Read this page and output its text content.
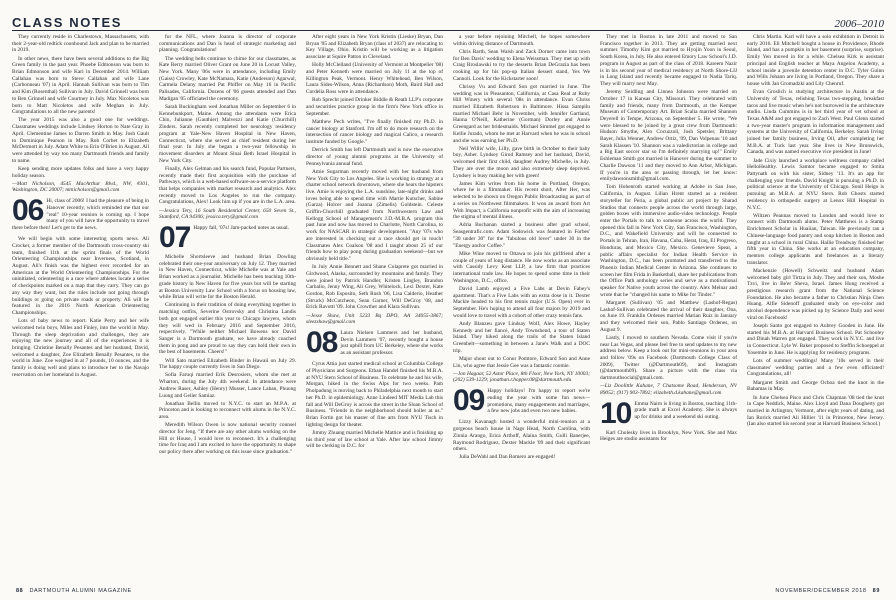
CLASS NOTES	2006–2010

They currently reside in Charlestown, Massachusetts, with their 2-year-old redtick coonhound Jack and plan to be married in 2019.

In other news, there have been several additions to the Big Green family in the past year. Phoebe Edmonson was born to Brian Edmonson and wife Kari in December 2014. William Callahan was born to Steve Callahan and wife Lane (Carbonneau '07) in April. Hannah Sullivan was born to Tim and Kim (Rosenthal) Sullivan in July. David Grinnell was born to Ben Grinnell and wife Courtney in July. Max Nicoletos was born to Matt Nicoletos and wife Meghan in July. Congratulations to all the new parents!

The year 2015 was also a good one for weddings. Classmates weddings include Lindsey Horton to Nate Gray in April. Clementine James to Darren Smith in May. Josh Gault to Dominique Pearson in May. Rob Corbet to Elizabeth McDermott in July. Adam White to Erin O'Brien in August. All were attended by way too many Dartmouth friends and family to name.

Keep sending more updates folks and have a very happy holiday season.

—Matt Nicholson, 4545 MacArthur Blvd., NW, #301, Washington, DC 20007; mtnicholson@gmail.com

06 Hi, class of 2006! I had the pleasure of being in Hanover recently, which reminded me that our "real" 10-year reunion is coming up. I hope many of you will have the opportunity to travel there before then! Let's get to the news.

We will begin with some interesting sports news. Ali Crocker, a former member of the Dartmouth cross-country ski team, finished 11th at the sprint finals of the World Orienteering Championships near Inverness, Scotland, in August. Ali's finish was the highest ever recorded for an American at the World Orienteering Championships. For the uninitiated, orienteering is a race where athletes locate a series of checkpoints marked on a map that they carry. They can go any way they want, but the rules include not going through buildings or going on private roads or property. Ali will be featured in the 2016 North American Orienteering Championships.

Lots of baby news to report. Katie Perry and her wife welcomed twin boys, Miles and Finley, into the world in May. Through the sleep deprivation and challenges, they are enjoying the new journey and all of the experiences it is bringing. Christine Benally Pesantes and her husband, David, welcomed a daughter, Zoe Elizabeth Benally Pesantes, to the world in June. Zoe weighed in at 7 pounds, 10 ounces, and the family is doing well and plans to introduce her to the Navajo reservation on her homeland in August.

for the NFL, where Joanna is director of corporate communications and Dan is head of strategic marketing and planning. Congratulations!

The wedding bells continue to chime for our classmates, as Kate Berry married Oliver Grant on June 20 in Locust Valley, New York. Many '06s were in attendance, including Emily (Gaiss) Crowley, Kate McNamara, Katie (Anderson) Agarwal, Carmela Delany married Pat Phiffer on May 16 in Pacific Palisades, California. Dozens of '06 guests attended and Dan Madigan '05 officiated the ceremony.

Sarah Buckingham wed Jonathan Miller on September 6 in Kennebunkport, Maine. Among the attendants were Erica Chin, Julianne (Gauthier) Malvezzi and Katie (Churchill) Zinders. Sarah recently completed her neurology residency program at Yale-New Haven Hospital in New Haven, Connecticut, where she served as chief resident during her final year. In July she began a two-year fellowship in movement disorders at Mount Sinai Beth Israel Hospital in New York City.

Finally, Alex Gelman and his search fund, Popular Partners, recently made their first acquisition with the purchase of Pathways, which is a web-based software-as-a-service platform that helps companies with market research and analytics. Alex recently moved to Los Angeles to run the company. Congratulations, Alex! Look him up if you are in the L.A. area.

—Jessica Tery, 16 South Residential Center, 650 Seven St., Stamford, CA 94306; jessica.tery@gmail.com

07 Happy fall, '07s! Jam-packed notes as usual.

Michelle Shortsleeve and husband Brian Dowling celebrated their one-year anniversary on July 12. They married in New Haven, Connecticut, while Michelle was at Yale and Brian worked as a journalist. Michelle has been teaching 10th-grade history in New Haven for five years but will be starting at Boston University Law School with a focus on housing law, while Brian will write for the Boston Herald.

Continuing in their tradition of doing everything together in matching outfits, Severine Ostrovsky and Christina Landis both got engaged earlier this year to Chicago lawyers, whom they will wed in February 2016 and September 2016, respectively. "While neither Michael Bowens nor David Sanger is a Dartmouth graduate, we have already coached them in pong and are proud to say they can hold their own in the best of basements. Cheers!"

Will Sato married Elizabeth Binder in Hawaii on July 29. The happy couple currently lives in San Diego.

Sofia Faruqi married Erik Desrosiers, whom she met at Wharton, during the July 4th weekend. In attendance were Andrew Raser, Ashley (Henry) Musser, Lance Laban, Phuong Luong and Geiler Samiaz.

Jonathan Bellin moved to N.Y.C. to start an M.P.A. at Princeton and is looking to reconnect with alums in the N.Y.C. area.

Meredith Wilson Owen is now national security counsel director for Jeng. "If there are any other alums working on the Hill or House, I would love to reconnect. It's a challenging time for Iraq and I am excited to have the opportunity to shape our policy there after working on this issue since graduation."

After eight years in New York Kristin (Lieske) Bryan, Dan Bryan '05 and Elizabeth Bryan (class of 2037) are relocating to Key Village, Ohio. Kristin will be working as a litigation associate at Squire Patton in Cleveland.

Holly McClelland (University of Vermont at Montpelier '08) and Peter Kenneth were married on July 11 at the top of Killington Peak, Vermont. Henry Whitehead, Ben Wilson, Laura Sides-Wilson, Anna (Richardson) Moth, Baird Hall and Cordelia Ross were in attendance.

Rob Sprecht joined Drinker Biddle & Reath LLP's corporate and securities practice group in the firm's New York office in September.

Matthew Pech writes, "I've finally finished my Ph.D. in cancer biology at Stanford. I'm off to do more research on the intersection of cancer biology and magical Calico, a research institute funded by Google."

Derrick Smith has left Dartmouth and is now the executive director of young alumni programs at the University of Pennsylvania annual fund.

Amie Sugarman recently moved with her husband from New York City to Los Angeles. She is working in strategy at a charter school network downtown, where she hears the hipsters live. Amie is enjoying the L.A. sunshine, late-night drinks and loves being able to spend time with Martie Kutscher, Sabine (Garza) Holcer and Joanna (Zimelis) Goldstein. Celeste Griffin-Churchill graduated from Northwestern Law and Kellogg School of Management's J.D.-M.B.A. program this past June and now has moved to Charlotte, North Carolina, to work for NASCAR in strategic development. "Any '07s who are interested in checking out a race should get in touch! Classmates Alex Coalson '08 and I taught about 25 of our friends how to play pong during graduation weekend—but we obviously held title."

In July Annie Bennett and Shane Colaprete got married in Girdwood, Alaska, surrounded by mountains and family. They were joined by Patrick Handler, Kristen Lingley, Brandon Carbalio, Jenny Wing, Ali Grey, Whitelock, Lexi Dexter, Kate Gordon, Rob Esposito, Seth Rush '06, Lisa Calderio, Heather (Struck) McCutcheon, Sean Garner, Will DeGroy '08, and Erick Ravotti '09. John Crowther and Klara Sullivan.

—Jesse Shaw, Unit 5233 Bq DPO, AA 34055-3867; sleezshaw@gmail.com

08 Laura Nielsen Lammers and her husband, Devin Lammers '07, recently bought a house just uphill from UC Berkeley, where she works as an assistant professor.

Cyrus Attia just started medical school at Columbia College of Physicians and Surgeons. Ethan Handel finished his M.B.A. at NYU Stern School of Business. To celebrate he and his wife, Morgan, hiked in the Swiss Alps for two weeks. Pam Pholpadung is moving back to Philadelphia next month to start her Ph.D. in epidemiology. Anne Lindeed MIT Media Lab this fall and Will DeGroy is across the street in the Sloan School of Business. "Friends in the neighborhood should holler at us." Brian Fortin got his master of fine arts from NYU Tisch in lighting design for theater.

Jimmy Zhuang married Michelle Mattice and is finishing up his third year of law school at Yale. After law school Jimmy will be clerking in D.C. for

a year before rejoining Mitchell, he hopes somewhere within driving distance of Dartmouth.

Chris Barth, Sean Walsh and Zack Dorner came into town for Ben Davis' wedding to Elena Weissman. They met up with Craig Broslawski to try the desserts Brian DeGrazia has been cooking up for his pop-up Italian dessert stand, Yes We Cannoli. Look for the Kickstarter soon!

Chrissy Vu and Edward Son got married in June. The wedding was in Pleasanton, California, at Casa Real at Ruby Hill Winery with several '08s in attendance. Evan Chriss married Elizabeth Robertson in Baltimore. Hissa Sampilu married Michael Behr in November, with Jennifer Gartland, Hanna O'Neill, Katherine (Gorman) Dorley and Annie Greengard as her bridesmaids. Michael Simmel got engaged to Kellie Jurado, whom he met at Harvard when he was in school and she was earning her Ph.D.

Neil Willis' wife, Lilly, gave birth in October to their baby boy, Asher. Lyndsey Girod Ramsey and her husband, David, welcomed their first child, daughter Audrey Michelle, in July. They are over the moon and also extremely sleep deprived. Lyndsey is busy making her with green!

James Kim writes from his home in Portland, Oregon, where he is a filmmaker. His recent short, After Her, was selected to be shown on Oregon Public Broadcasting as part of a series on Northwest filmmakers. It won an award from Art With Impact, a California nonprofit with the aim of increasing the stigma of mental illness.

Adria Buchanan started a business after grad school, Seasgentrafic.com. Adam Sodowick was featured in Forbes' "30 under 30" for the "fabulous old lover" under 30 in the "Energy and/or Coffee."

Mike Wine moved to Ottawa to join his girlfriend after a couple of years of long distance. He now works as an associate with Cassidy Levy Kent LLP, a law firm that practices international trade law. He hopes to spend some time in their Washington, D.C., office.

David Lamb enjoyed a Five Labs at Devin Fabey's apartment. That's a Five Labs with an extra dose in it. Dexter Mackle headed to his first tennis major (U.S. Open) ever in September. He's hoping to attend all four majors by 2019 and would love to travel with a cohort of other crazy tennis fans.

Andy Blanzeu gave Lindsay Wolf, Alex Howe, Hayley Kennedy and her fiancé, Andy Townshend, a tour of Staten Island. They hiked along the trails of the Staten Island Greenbelt—something in between a Jane's Walk and a DOC trip.

Major shout out to Conor Pomtore, Edward Son and Anne Lin, who agree that Jessie Gee was a fantastic roomie.

—Jon Hagaar, 52 Astor Place, 8th Floor, New York, NY 10003; (202) 539-1229; jonathan.r.hopper.08@dartmouth.edu

09 Happy holidays! I'm happy to report we're ending the year with some fun news—promotions, many engagements and marriages, a few new jobs and even two new babies.

Lizzy Kavanagh hosted a wonderful mini-reunion at a gorgeous beach house in Nags Head, North Carolina, with Zinnia Arango, Erica Arthoff, Alaina Smith, Gulli Banerjee, Raymond Rodriguez, Dexter Mackle '09 and their significant others.

Julia DeWahl and Dan Romero are engaged!

They met in Boston in late 2011 and moved to San Francisco together in 2013. They are getting married next summer. Timothy Kim got married to Hyojin Yoon in Seoul, South Korea, in July. He also entered Emory Law School's J.D. program in August as part of the class of 2018. Kareem Nazir is in his second year of medical residency at North Shore-LIJ in Long Island and recently became engaged to Nadia Tariq. They will marry next May.

Jeremy Seidling and Linnea Johnson were married on October 17 in Kansas City, Missouri. They celebrated with family and friends, many from Dartmouth, at the Kemper Museum of Contemporary Art. Brian Scalia married Shannon Deyerell in Tempe, Arizona, on September 5. He wrote, "We were blessed to be joined by a great crew from Dartmouth: Hudson Smythe, Alex Cocuzzoli, Josh Spetsler, Brittany Bayer, Julia Wenner, Andrew Ortiz, '09, Dan Volpenau '10 and Sarah Klassen '10. Shannon was a valedictorian in college and a Big East soccer star so I'm definitely marrying up!" Emily Eshleman Smith got married in Hanover during the summer to Charlie Dawson '11 and they moved to Ann Arbor, Michigan. If you're in the area or passing through, let her know: emilydawsonsmith@gmail.com.

Tom Hohenroth started working at Adobe in San Jose, California, in August. Lilian Hrent started as a resident storyteller for Peria, a global public art project by Sharad Studios that connects people across the world through large, golden boxes with immersive audio-video technology. People enter the Portals to talk to someone across the world. They opened this fall in New York City, San Francisco, Washington, D.C., and Wakefield University and will be connected to Portals in Tehran, Iran, Havana, Cuba, Herat, Iraq, El Progreso, Honduras, and Mexico City, Mexico. Genevieve Spear, a public affairs specialist for Indian Health Service in Washington, D.C., has been promoted and transferred to the Phoenix Indian Medical Center in Arizona. She continues to screen her film Frida in Basketball, share her publications from the Office Path anthology series and serve as a motivational speaker for Native youth across the country. Alex Melnar and wrote that he "changed his name to Mike for Tinder."

Margaret (Sullivan) '05 and Matthew (Lashof-Regas) Lashof-Sullivan celebrated the arrival of their daughter, Ona, on June 19. Franklin Ordenes married Marian Ruiz in January and they welcomed their son, Pablo Santiago Ordenes, on August 9.

Lastly, I moved to southern Nevada. Come visit if you're near Las Vegas, and please feel free to send updates to my new address below. Keep a look out for mini-reunions in your area and follow '09s on Facebook (Dartmouth College Class of 2009), Twitter (@Dartmouth09), and Instagram (@dartmouth09). Share a picture with the class via dartmouthsocial@gmail.com.

—Liz Doolittle Kahane, 7 Chatsome Road, Henderson, NV 89052; (917) 903-7892; elizabeth.d.kahane@gmail.com

10 Emma Nairn is living in Boston, teaching 11th-grade math at Excel Academy. She is always up for drinks and a weekend ski outing.

Karl Cholesky lives in Brooklyn, New York. She and Max Heiges are studio assistants for

Chris Martin. Karl will have a solo exhibition in Detroit in early 2016. Eli Mitchell bought a house in Providence, Rhode Island, and has a pumpkin in her basement (surprise, surprise). Emily Yen moved in for a while. Chelsea Kirk is assistant principal and English teacher at Maya Angelou Academy, a school inside a juvenile detention center in D.C. Tyler Guinn and Wills Johann are living in Portland, Oregon. They share a house with Jan Gromadzki and Lily Chenruf.

Evan Groslich is studying architecture in Austin at the University of Texas, relishing Texas two-stepping, breakfast tacos and live music when he's not burrowed in the architecture studio. Linda Cummins is in her third year of vet school at Texas A&M and got engaged to Zach West. Paul Glenn started a two-year master's program in information management and systems at the University of California, Berkeley. Sarah Irving joined her family business, Irving Oil, after completing her M.B.A. at Tuck last year. She lives in New Brunswick, Canada, and was named executive vice president in June!

Jade Cixiy launched a workplace wellness company called HelloHealthy. Lewis Samtor became engaged to Smita Pattynath on with his sister, Sidney '13. It's an app for challenging your friends. David Knight is pursuing a Ph.D. in political science at the University of Chicago. Sonil Heigo is pursuing an M.B.A. at NYU Stern. Rob Ghosts started residency in orthopedic surgery at Lenox Hill Hospital in N.Y.C.

Wiltzen Peannas moved to London and would love to connect with Dartmouth alums. Peter Matthews is a Stamp Enrichment Scholar in Huaiian, Taiwan. He previously ran a Chinese-language food pantry and soup kitchen in Boston and taught at a school in rural China. Hallie Treadway finished her fifth year in China. She works at an education company, mentors college applicants and freelances as a literary translator.

Mackenzie (Howell) Schweitz and husband Adam welcomed baby girl Tirtza in July. They and their son, Moshe Tzvi, live in Be'er Sheva, Israel. James Hung received a prestigious research grant from the National Science Foundation. He also became a father to Christian Ninja Chen Huang. Alfie Sidenoff graduated study on eye-color and alcohol dependence was picked up by Science Daily and went viral on Facebook!

Joseph Santo got engaged to Aubrey Gooden in June. He started his M.B.A. at Harvard Business School. Pat Schooley and Dinah Warren got engaged. They work in N.Y.C. and live in Connecticut. Lyle W. Baker proposed to Steffin Schoeppel at Yosemite in June. He is applying for residency programs.

Lots of summer weddings! Many '10s served in their classmates' wedding parties and a few even officiated! Congratulations, all!

Margaret Smith and George Ochoa tied the knot in the Bahamas in May.

In June Chelsea Pisco and Chris Chapman '08 tied the knot in Cape Neddick, Maine. Alex Lloyd and Dana Dougherty got married in Arlington, Vermont, after eight years of dating, and Ian Rorick married Ali Hillier '11 in Princeton, New Jersey. (Ian also started his second year at Harvard Business School.)

88 DARTMOUTH ALUMNI MAGAZINE	NOVEMBER/DECEMBER 2018 89
